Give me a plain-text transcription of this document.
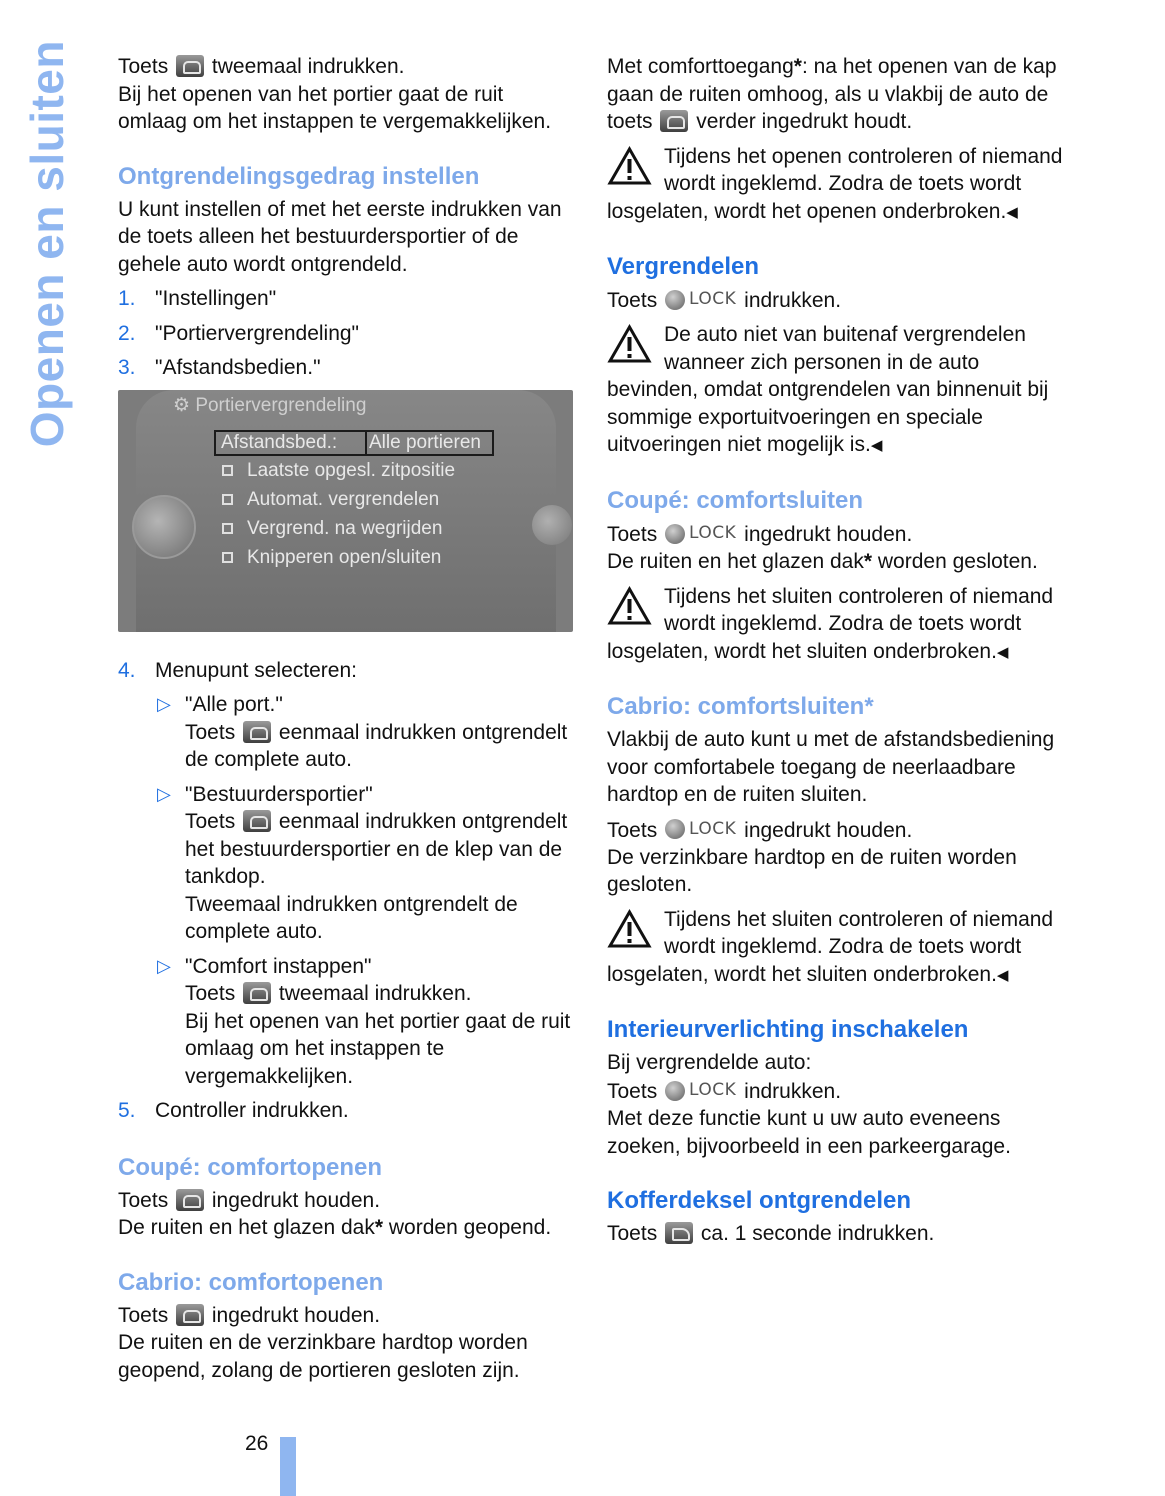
Openen en sluiten Toets tweemaal indrukken.

Bij het openen van het portier gaat de ruit omlaag om het instappen te vergemakkelijken.

Ontgrendelingsgedrag instellen

U kunt instellen of met het eerste indrukken van de toets alleen het bestuurdersportier of de gehele auto wordt ontgrendeld.

1. "Instellingen"
2. "Portiervergrendeling"
3. "Afstandsbedien."
⚙ Portiervergrendeling
Afstandsbed.: Alle portieren
Laatste opgesl. zitpositie
Automat. vergrendelen
Vergrend. na wegrijden
Knipperen open/sluiten
4. Menupunt selecteren:
▷ "Alle port."

Toets eenmaal indrukken ontgrendelt de complete auto.

▷ "Bestuurdersportier"

Toets eenmaal indrukken ontgrendelt het bestuurdersportier en de klep van de tankdop.

Tweemaal indrukken ontgrendelt de complete auto.

▷ "Comfort instappen"

Toets tweemaal indrukken.

Bij het openen van het portier gaat de ruit omlaag om het instappen te vergemakkelijken.

5. Controller indrukken.
Coupé: comfortopenen

Toets ingedrukt houden.

De ruiten en het glazen dak* worden geopend.

Cabrio: comfortopenen

Toets ingedrukt houden.

De ruiten en de verzinkbare hardtop worden geopend, zolang de portieren gesloten zijn.

Met comforttoegang*: na het openen van de kap gaan de ruiten omhoog, als u vlakbij de auto de toets verder ingedrukt houdt.

Tijdens het openen controleren of niemand wordt ingeklemd. Zodra de toets wordt losgelaten, wordt het openen onderbroken.◀
Vergrendelen

Toets LOCK indrukken.

De auto niet van buitenaf vergrendelen wanneer zich personen in de auto bevinden, omdat ontgrendelen van binnenuit bij sommige exportuitvoeringen en speciale uitvoeringen niet mogelijk is.◀
Coupé: comfortsluiten

Toets LOCK ingedrukt houden.

De ruiten en het glazen dak* worden gesloten.

Tijdens het sluiten controleren of niemand wordt ingeklemd. Zodra de toets wordt losgelaten, wordt het sluiten onderbroken.◀
Cabrio: comfortsluiten*

Vlakbij de auto kunt u met de afstandsbediening voor comfortabele toegang de neerlaadbare hardtop en de ruiten sluiten.

Toets LOCK ingedrukt houden.

De verzinkbare hardtop en de ruiten worden gesloten.

Tijdens het sluiten controleren of niemand wordt ingeklemd. Zodra de toets wordt losgelaten, wordt het sluiten onderbroken.◀
Interieurverlichting inschakelen

Bij vergrendelde auto:

Toets LOCK indrukken.

Met deze functie kunt u uw auto eveneens zoeken, bijvoorbeeld in een parkeergarage.

Kofferdeksel ontgrendelen

Toets ca. 1 seconde indrukken.

26
